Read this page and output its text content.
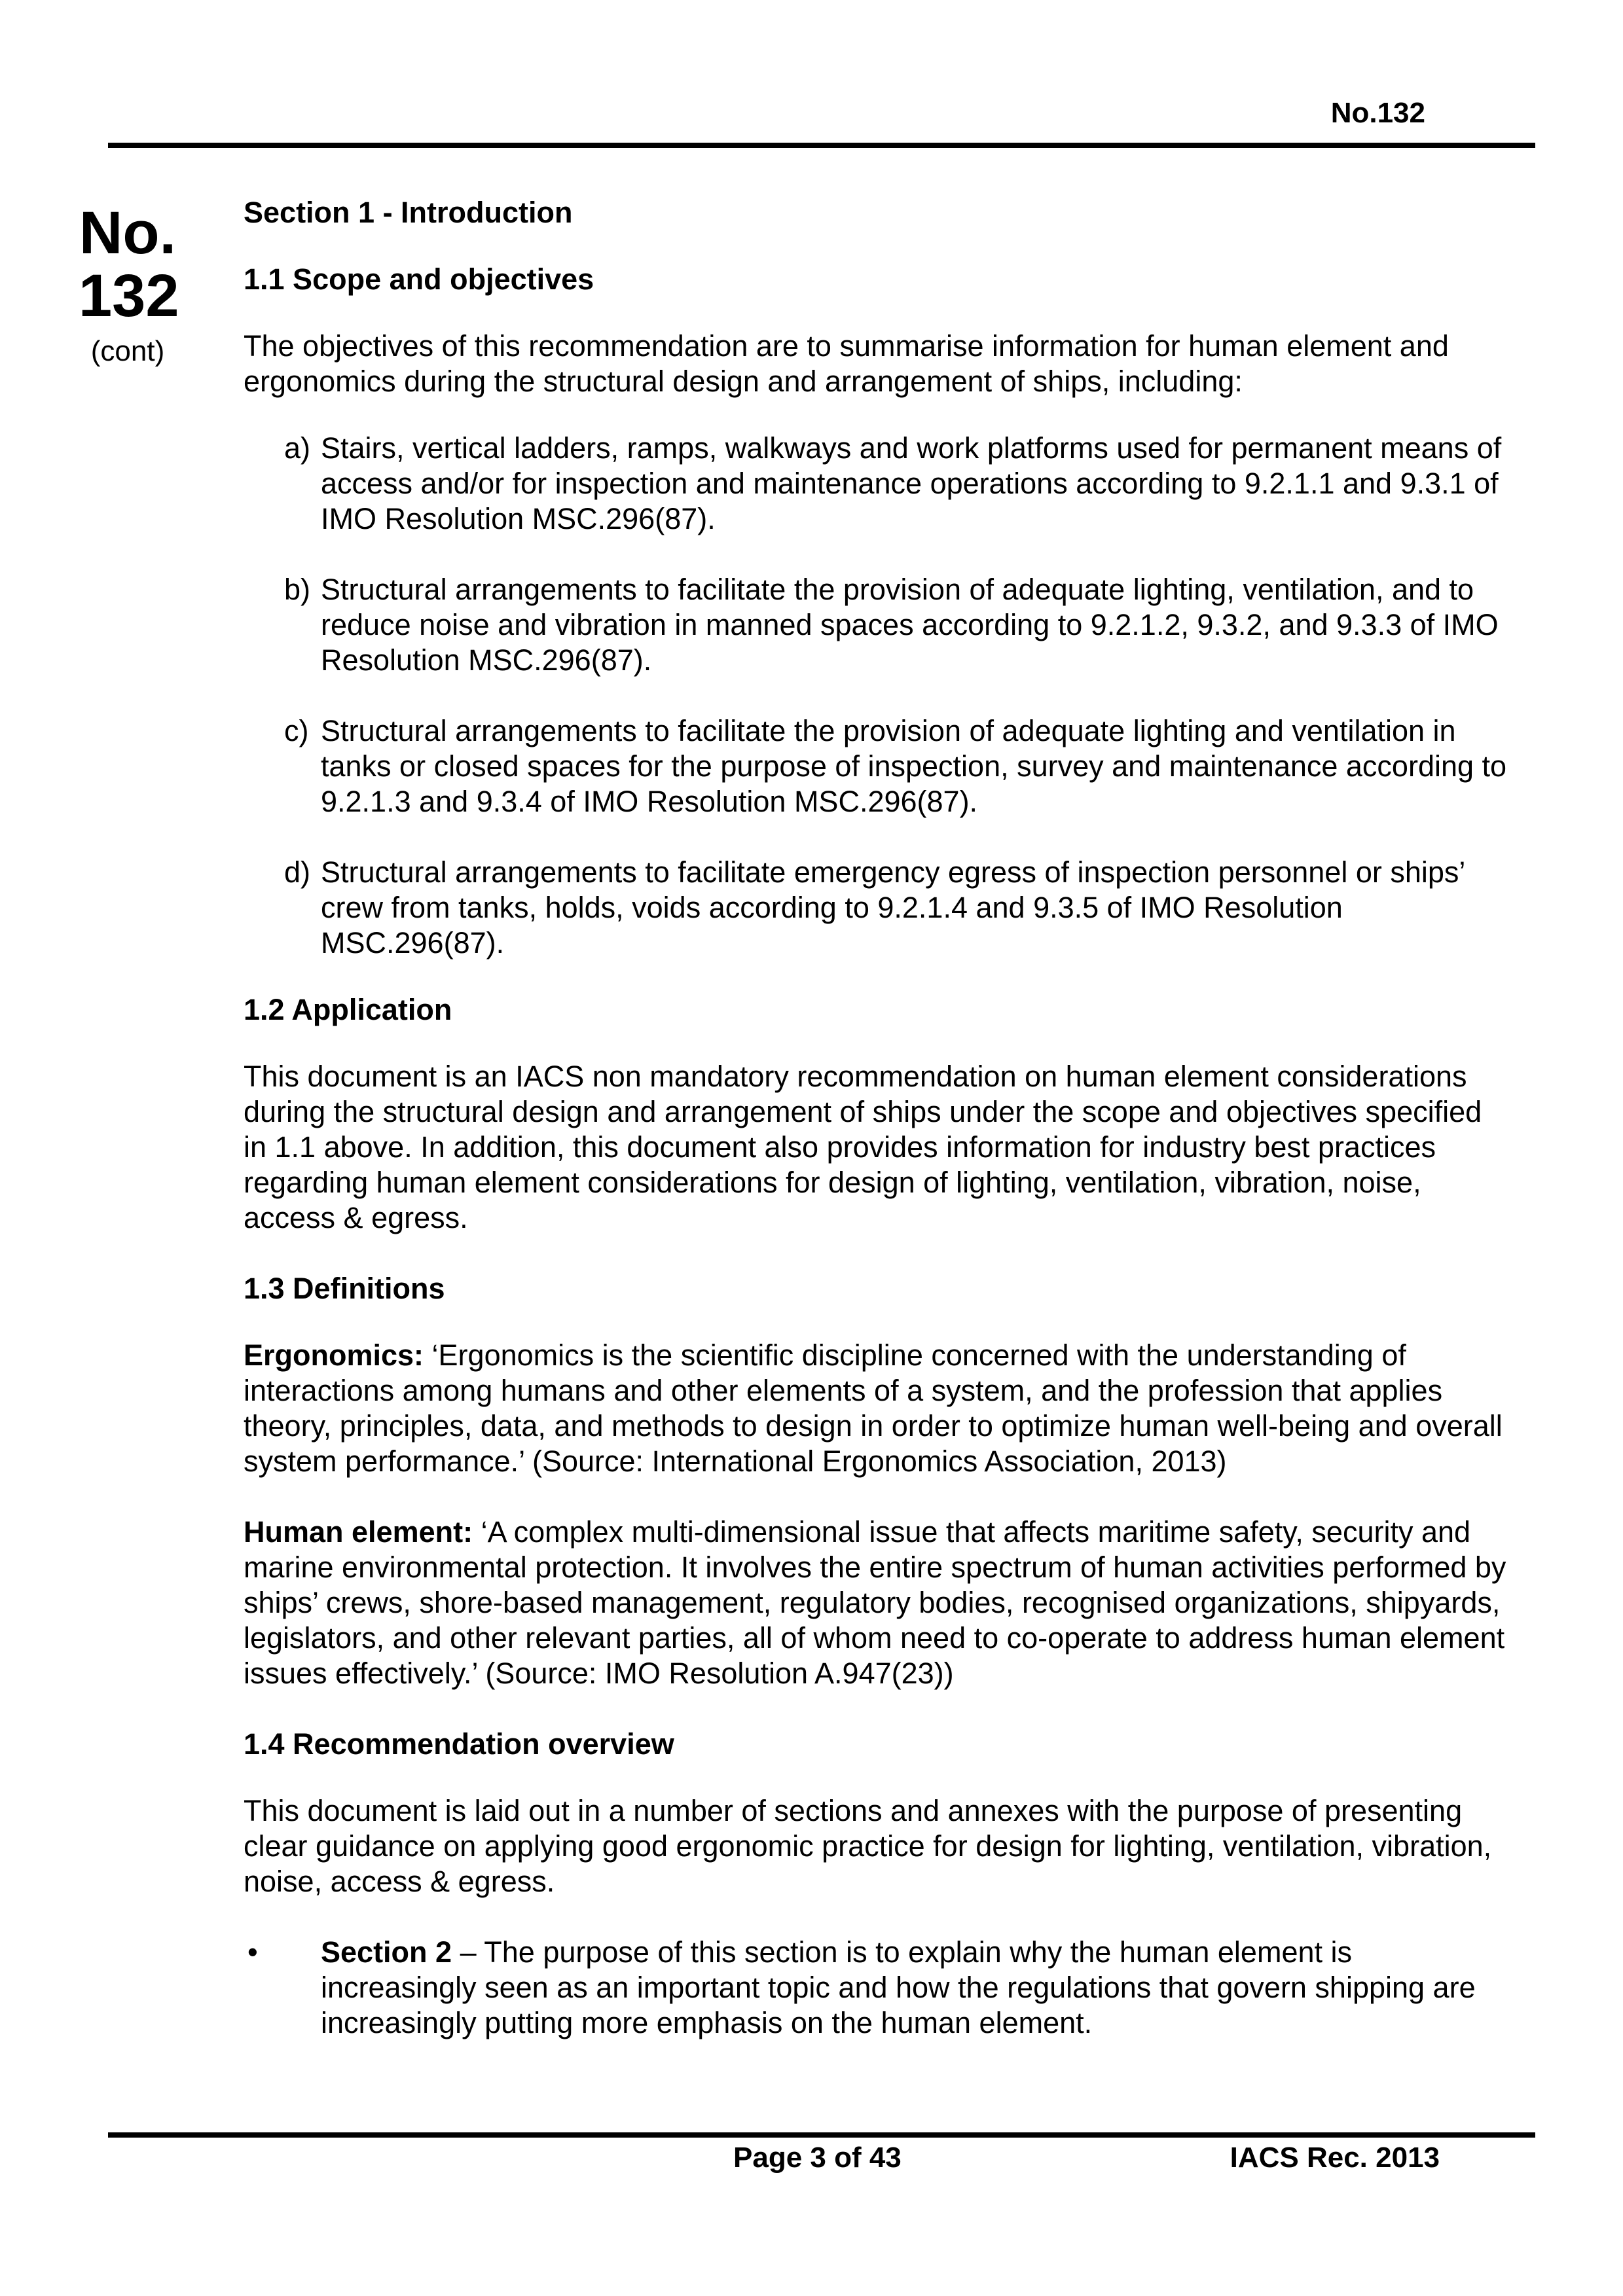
No.132
No.
132
(cont)
Section 1 - Introduction
1.1 Scope and objectives

The objectives of this recommendation are to summarise information for human element and ergonomics during the structural design and arrangement of ships, including:

a) Stairs, vertical ladders, ramps, walkways and work platforms used for permanent means of access and/or for inspection and maintenance operations according to 9.2.1.1 and 9.3.1 of IMO Resolution MSC.296(87).
b) Structural arrangements to facilitate the provision of adequate lighting, ventilation, and to reduce noise and vibration in manned spaces according to 9.2.1.2, 9.3.2, and 9.3.3 of IMO Resolution MSC.296(87).
c) Structural arrangements to facilitate the provision of adequate lighting and ventilation in tanks or closed spaces for the purpose of inspection, survey and maintenance according to 9.2.1.3 and 9.3.4 of IMO Resolution MSC.296(87).
d) Structural arrangements to facilitate emergency egress of inspection personnel or ships’ crew from tanks, holds, voids according to 9.2.1.4 and 9.3.5 of IMO Resolution MSC.296(87).
1.2 Application

This document is an IACS non mandatory recommendation on human element considerations during the structural design and arrangement of ships under the scope and objectives specified in 1.1 above. In addition, this document also provides information for industry best practices regarding human element considerations for design of lighting, ventilation, vibration, noise, access & egress.

1.3 Definitions

Ergonomics: ‘Ergonomics is the scientific discipline concerned with the understanding of interactions among humans and other elements of a system, and the profession that applies theory, principles, data, and methods to design in order to optimize human well-being and overall system performance.’ (Source: International Ergonomics Association, 2013)

Human element: ‘A complex multi-dimensional issue that affects maritime safety, security and marine environmental protection. It involves the entire spectrum of human activities performed by ships’ crews, shore-based management, regulatory bodies, recognised organizations, shipyards, legislators, and other relevant parties, all of whom need to co-operate to address human element issues effectively.’ (Source: IMO Resolution A.947(23))

1.4 Recommendation overview

This document is laid out in a number of sections and annexes with the purpose of presenting clear guidance on applying good ergonomic practice for design for lighting, ventilation, vibration, noise, access & egress.

• Section 2 – The purpose of this section is to explain why the human element is increasingly seen as an important topic and how the regulations that govern shipping are increasingly putting more emphasis on the human element.
Page 3 of 43	IACS Rec. 2013
